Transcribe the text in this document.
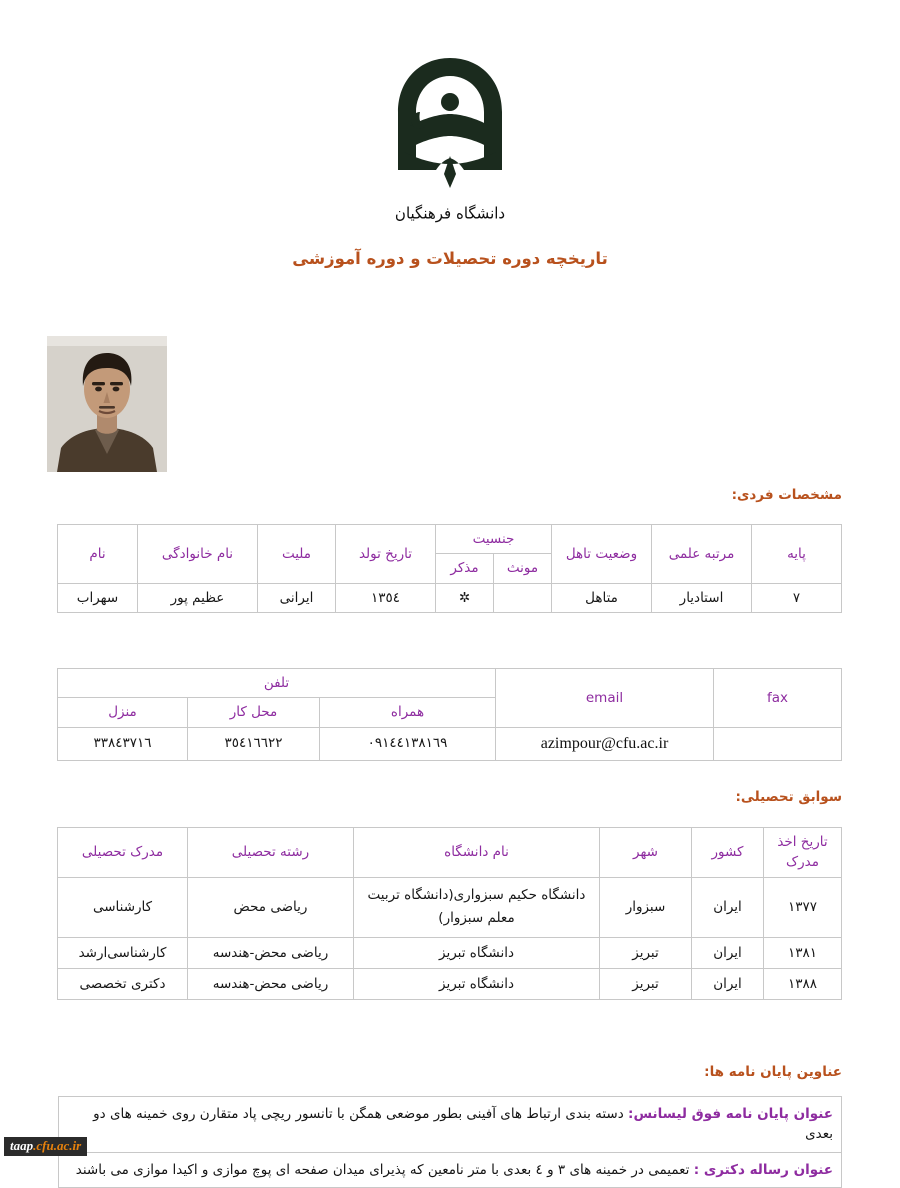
دانشگاه فرهنگیان
تاریخچه دوره تحصیلات و دوره آموزشی
مشخصات فردی:
پایه	مرتبه علمی	وضعیت تاهل	جنسیت		تاریخ تولد	ملیت	نام خانوادگی	نام
			مونث	مذکر				
٧	استادیار	متاهل		✲	١٣٥٤	ایرانی	عظیم پور	سهراب
fax	email	تلفن		
		همراه	محل کار	منزل
	azimpour@cfu.ac.ir	٠٩١٤٤١٣٨١٦٩	٣٥٤١٦٦٢٢	٣٣٨٤٣٧١٦
سوابق تحصیلی:
تاریخ اخذ مدرک	کشور	شهر	نام دانشگاه	رشته تحصیلی	مدرک تحصیلی
١٣٧٧	ایران	سبزوار	دانشگاه حکیم سبزواری(دانشگاه تربیت معلم سبزوار)	ریاضی محض	کارشناسی
١٣٨١	ایران	تبریز	دانشگاه تبریز	ریاضی محض-هندسه	کارشناسی‌ارشد
١٣٨٨	ایران	تبریز	دانشگاه تبریز	ریاضی محض-هندسه	دکتری تخصصی
عناوین پایان نامه ها:
عنوان پایان نامه فوق لیسانس: دسته بندی ارتباط های آفینی بطور موضعی همگن با تانسور ریچی پاد متقارن روی خمینه های دو بعدی
عنوان رساله دکتری : تعمیمی در خمینه های ٣ و ٤ بعدی با متر نامعین که پذیرای میدان صفحه ای پوچ موازی و اکیدا موازی می باشند
taap.cfu.ac.ir
